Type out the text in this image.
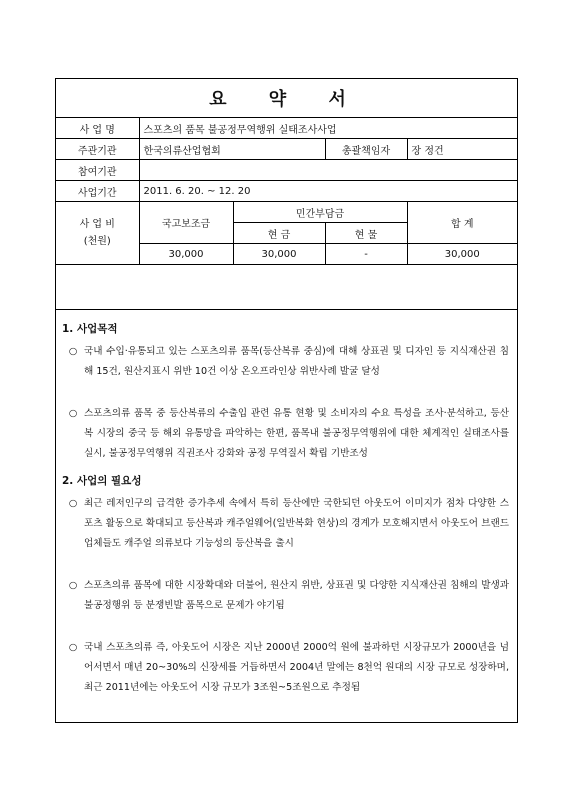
요 약 서
사 업 명	스포츠의 품목 불공정무역행위 실태조사사업			
주관기관	한국의류산업협회		총괄책임자	장 정건
참여기관				
사업기간	2011. 6. 20. ~ 12. 20			

사 업 비
(천원)	국고보조금	민간부담금		합 계
		현 금	현 물	
	30,000	30,000	-	30,000
1. 사업목적
○ 국내 수입·유통되고 있는 스포츠의류 품목(등산복류 중심)에 대해 상표권 및 디자인 등 지식재산권 침해 15건, 원산지표시 위반 10건 이상 온오프라인상 위반사례 발굴 달성
○ 스포츠의류 품목 중 등산복류의 수출입 관련 유통 현황 및 소비자의 수요 특성을 조사·분석하고, 등산복 시장의 중국 등 해외 유통망을 파악하는 한편, 품목내 불공정무역행위에 대한 체계적인 실태조사를 실시, 불공정무역행위 직권조사 강화와 공정 무역질서 확립 기반조성
2. 사업의 필요성
○ 최근 레저인구의 급격한 증가추세 속에서 특히 등산에만 국한되던 아웃도어 이미지가 점차 다양한 스포츠 활동으로 확대되고 등산복과 캐주얼웨어(일반복화 현상)의 경계가 모호해지면서 아웃도어 브랜드 업체들도 캐주얼 의류보다 기능성의 등산복을 출시
○ 스포츠의류 품목에 대한 시장확대와 더불어, 원산지 위반, 상표권 및 다양한 지식재산권 침해의 발생과 불공정행위 등 분쟁빈발 품목으로 문제가 야기됨
○ 국내 스포츠의류 즉, 아웃도어 시장은 지난 2000년 2000억 원에 불과하던 시장규모가 2000년을 넘어서면서 매년 20~30%의 신장세를 거듭하면서 2004년 말에는 8천억 원대의 시장 규모로 성장하며, 최근 2011년에는 아웃도어 시장 규모가 3조원~5조원으로 추정됨
